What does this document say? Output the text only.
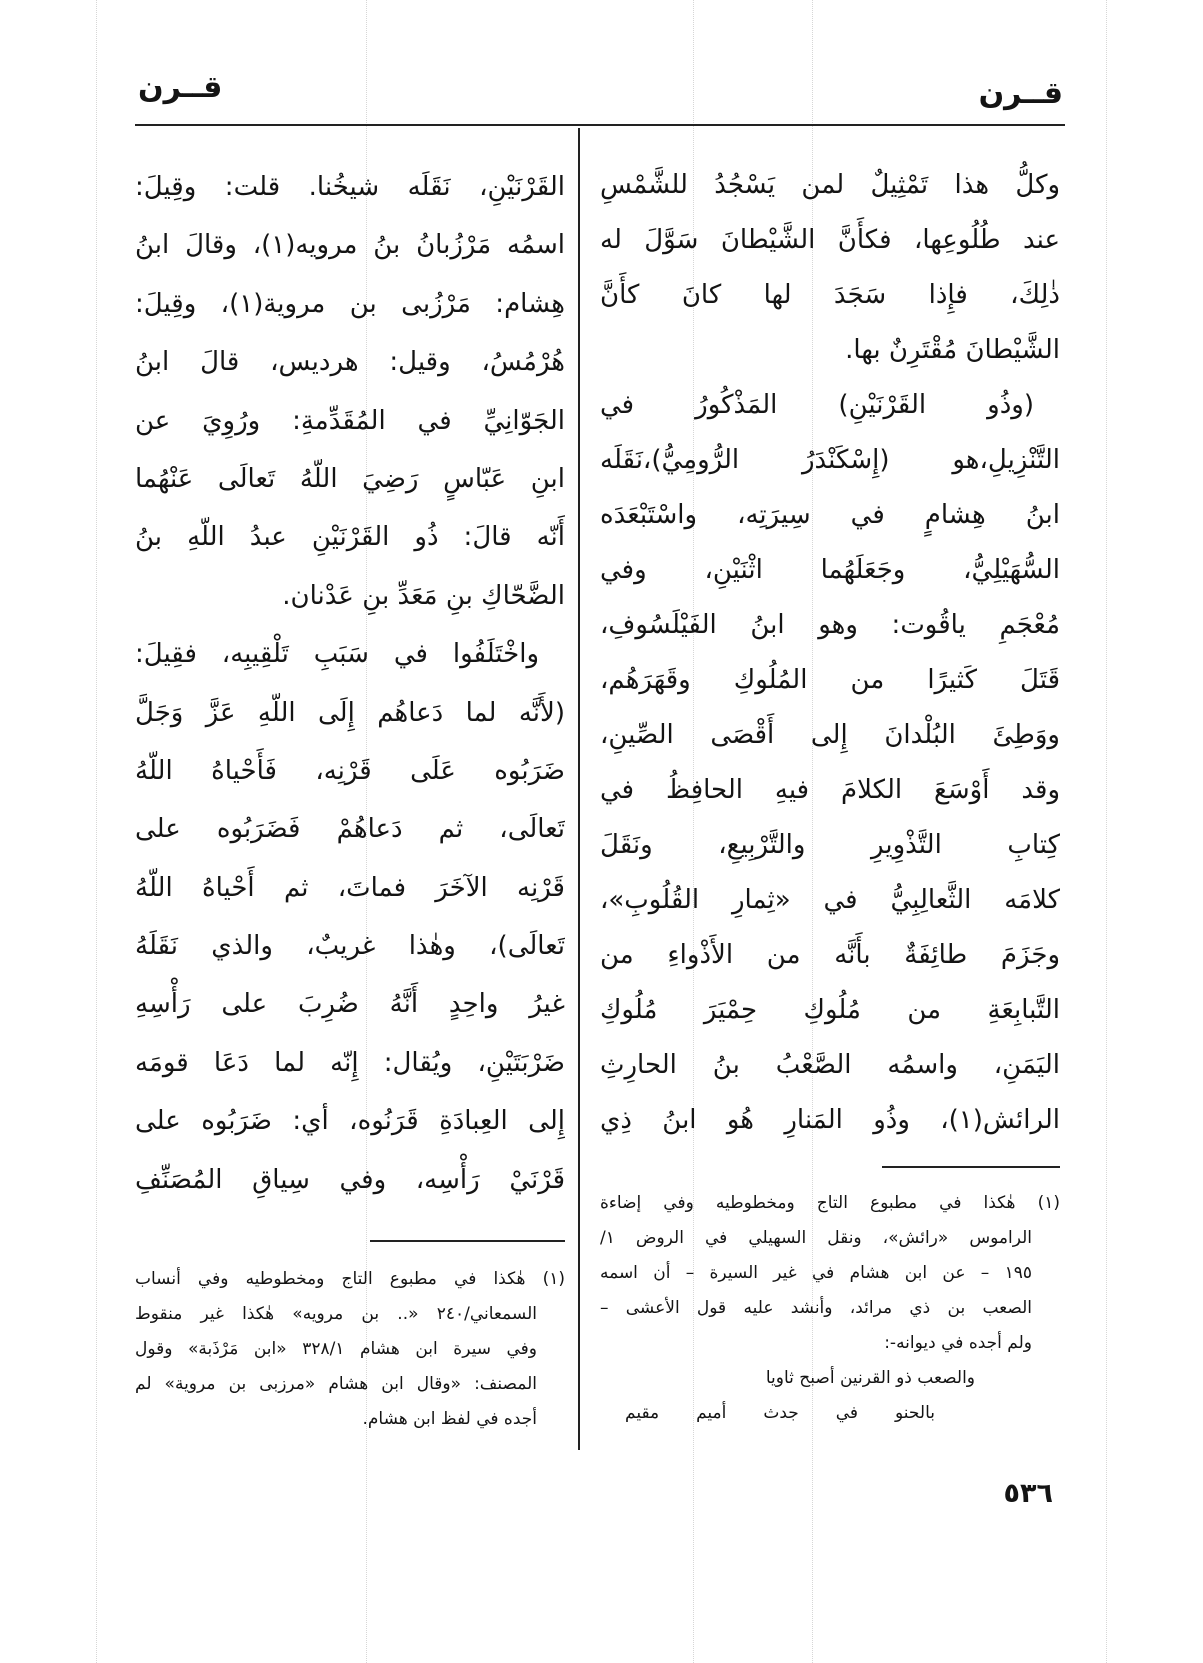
قــرن	قــرن
وكلُّ هذا تَمْثِيلٌ لمن يَسْجُدُ للشَّمْسِ
عند طُلُوعِها، فكأَنَّ الشَّيْطانَ سَوَّلَ له
ذٰلِكَ، فإِذا سَجَدَ لها كانَ كأَنَّ
الشَّيْطانَ مُقْتَرِنٌ بها.
(وذُو القَرْنَيْنِ) المَذْكُورُ في
التَّنْزِيلِ،هو (إِسْكَنْدَرُ الرُّومِيُّ)،نَقَلَه
ابنُ هِشامٍ في سِيرَتِه، واسْتَبْعَدَه
السُّهَيْلِيُّ، وجَعَلَهُما اثْنَيْنِ، وفي
مُعْجَمِ ياقُوت: وهو ابنُ الفَيْلَسُوفِ،
قَتَلَ كَثيرًا من المُلُوكِ وقَهَرَهُم،
ووَطِئَ البُلْدانَ إِلى أَقْصَى الصِّينِ،
وقد أَوْسَعَ الكلامَ فيهِ الحافِظُ في
كِتابِ التَّذْوِيرِ والتَّرْبِيعِ، ونَقَلَ
كلامَه الثَّعالِبِيُّ في «ثِمارِ القُلُوبِ»،
وجَزَمَ طائِفَةٌ بأَنَّه من الأَذْواءِ من
التَّبابِعَةِ من مُلُوكِ حِمْيَرَ مُلُوكِ
اليَمَنِ، واسمُه الصَّعْبُ بنُ الحارِثِ
الرائش(١)، وذُو المَنارِ هُو ابنُ ذِي
(١) هٰكذا في مطبوع التاج ومخطوطيه وفي إضاءة
الراموس «رائش»، ونقل السهيلي في الروض ١/
١٩٥ – عن ابن هشام في غير السيرة – أن اسمه
الصعب بن ذي مرائد، وأنشد عليه قول الأعشى –
ولم أجده في ديوانه-:
والصعب ذو القرنين أصبح ثاويا
بالحنو في جدث أميم مقيم
القَرْنَيْنِ، نَقَلَه شيخُنا. قلت: وقِيلَ:
اسمُه مَرْزُبانُ بنُ مرويه(١)، وقالَ ابنُ
هِشام: مَرْزُبى بن مروية(١)، وقِيلَ:
هُرْمُسُ، وقيل: هرديس، قالَ ابنُ
الجَوّانِيِّ في المُقَدِّمةِ: ورُوِيَ عن
ابنِ عَبّاسٍ رَضِيَ اللّهُ تَعالَى عَنْهُما
أَنّه قالَ: ذُو القَرْنَيْنِ عبدُ اللّهِ بنُ
الضَّحّاكِ بنِ مَعَدِّ بنِ عَدْنان.
واخْتَلَفُوا في سَبَبِ تَلْقِيبِه، فقِيلَ:
(لأَنَّه لما دَعاهُم إِلَى اللّهِ عَزَّ وَجَلَّ
ضَرَبُوه عَلَى قَرْنِه، فَأَحْياهُ اللّهُ
تَعالَى، ثم دَعاهُمْ فَضَرَبُوه على
قَرْنِه الآخَرَ فماتَ، ثم أَحْياهُ اللّهُ
تَعالَى)، وهٰذا غريبٌ، والذي نَقَلَهُ
غيرُ واحِدٍ أَنَّهُ ضُرِبَ على رَأْسِهِ
ضَرْبَتَيْنِ، ويُقال: إِنّه لما دَعَا قومَه
إِلى العِبادَةِ قَرَنُوه، أي: ضَرَبُوه على
قَرْنَيْ رَأْسِه، وفي سِياقِ المُصَنِّفِ
(١) هٰكذا في مطبوع التاج ومخطوطيه وفي أنساب
السمعاني/٢٤٠ «.. بن مرويه» هٰكذا غير منقوط
وفي سيرة ابن هشام ٣٢٨/١ «ابن مَرْذَبة» وقول
المصنف: «وقال ابن هشام «مرزبى بن مروية» لم
أجده في لفظ ابن هشام.
٥٣٦
